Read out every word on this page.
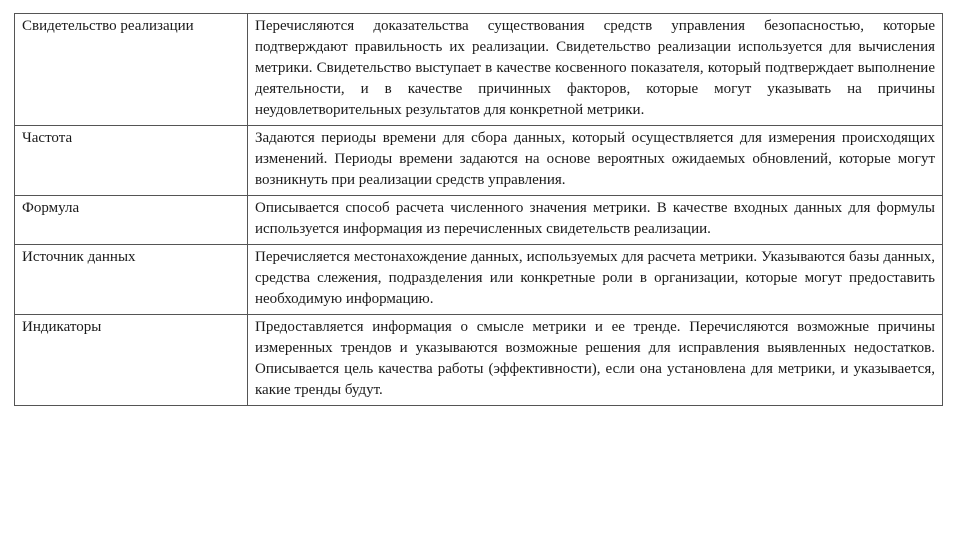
Свидетельство реализации	Перечисляются доказательства существования средств управления безопасностью, которые подтверждают правильность их реализации. Свидетельство реализации используется для вычисления метрики. Свидетельство выступает в качестве косвенного показателя, который подтверждает выполнение деятельности, и в качестве причинных факторов, которые могут указывать на причины неудовлетворительных результатов для конкретной метрики.
Частота	Задаются периоды времени для сбора данных, который осуществляется для измерения происходящих изменений. Периоды времени задаются на основе вероятных ожидаемых обновлений, которые могут возникнуть при реализации средств управления.
Формула	Описывается способ расчета численного значения метрики. В качестве входных данных для формулы используется информация из перечисленных свидетельств реализации.
Источник данных	Перечисляется местонахождение данных, используемых для расчета метрики. Указываются базы данных, средства слежения, подразделения или конкретные роли в организации, которые могут предоставить необходимую информацию.
Индикаторы	Предоставляется информация о смысле метрики и ее тренде. Перечисляются возможные причины измеренных трендов и указываются возможные решения для исправления выявленных недостатков. Описывается цель качества работы (эффективности), если она установлена для метрики, и указывается, какие тренды будут.
